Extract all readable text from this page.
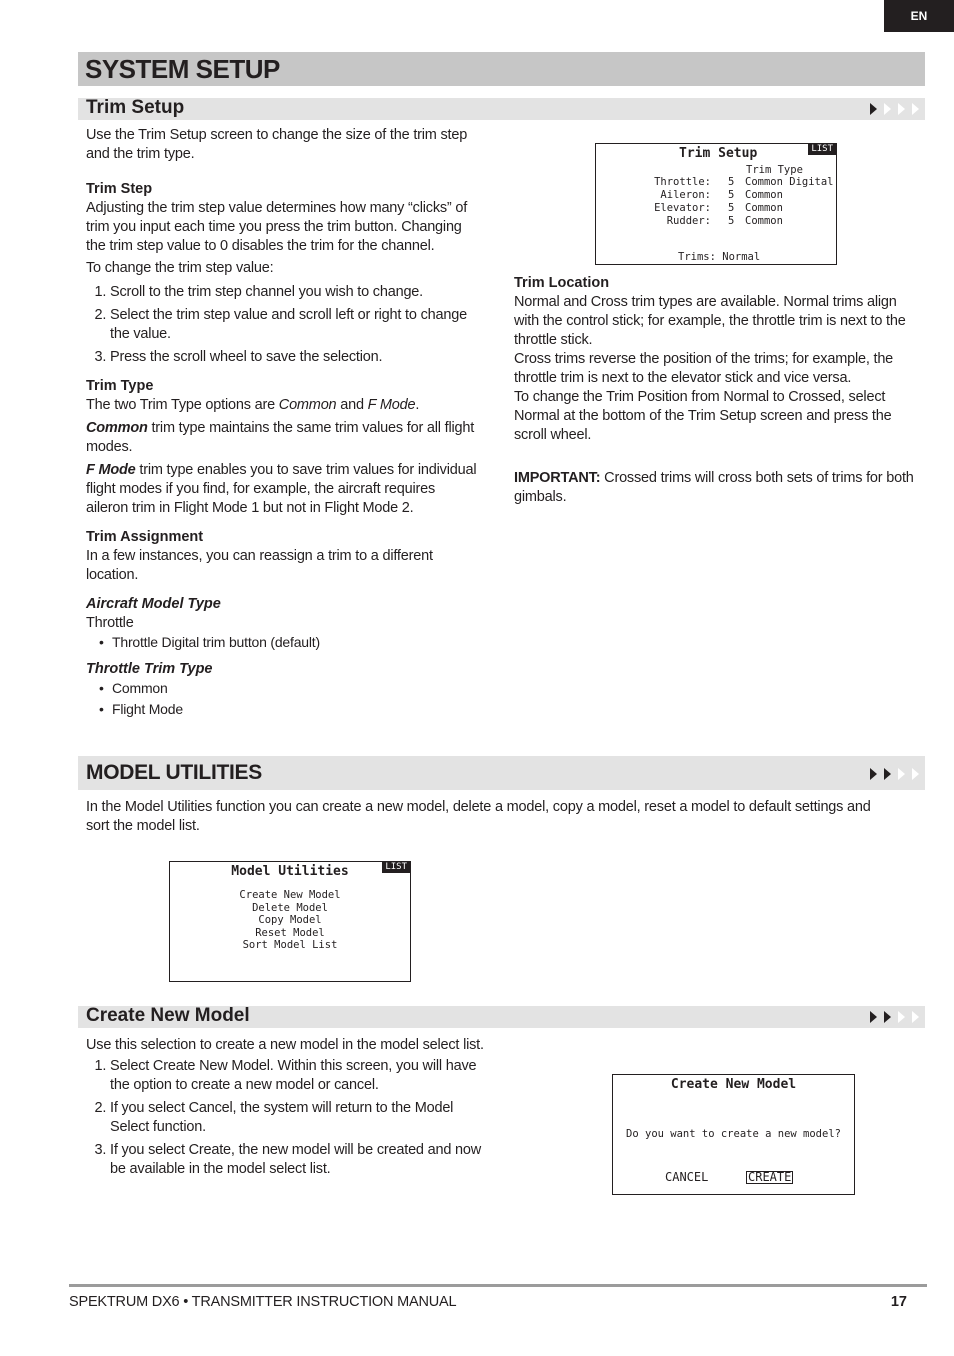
EN
SYSTEM SETUP
Trim Setup
Use the Trim Setup screen to change the size of the trim step and the trim type.
Trim Step
Adjusting the trim step value determines how many “clicks” of trim you input each time you press the trim button. Changing the trim step value to 0 disables the trim for the channel.
To change the trim step value:
1. Scroll to the trim step channel you wish to change.
2. Select the trim step value and scroll left or right to change the value.
3. Press the scroll wheel to save the selection.
Trim Type
The two Trim Type options are Common and F Mode.
Common trim type maintains the same trim values for all flight modes.
F Mode trim type enables you to save trim values for individual flight modes if you find, for example, the aircraft requires aileron trim in Flight Mode 1 but not in Flight Mode 2.
Trim Assignment
In a few instances, you can reassign a trim to a different location.
Aircraft Model Type
Throttle
• Throttle Digital trim button (default)
Throttle Trim Type
• Common
• Flight Mode
Trim Setup	LIST
Trim Type
Throttle: 5 Common Digital
Aileron: 5 Common
Elevator: 5 Common
Rudder: 5 Common
Trims: Normal
Trim Location
Normal and Cross trim types are available. Normal trims align with the control stick; for example, the throttle trim is next to the throttle stick.
Cross trims reverse the position of the trims; for example, the throttle trim is next to the elevator stick and vice versa.
To change the Trim Position from Normal to Crossed, select Normal at the bottom of the Trim Setup screen and press the scroll wheel.
IMPORTANT: Crossed trims will cross both sets of trims for both gimbals.
MODEL UTILITIES
In the Model Utilities function you can create a new model, delete a model, copy a model, reset a model to default settings and sort the model list.
Model Utilities	LIST
Create New Model
Delete Model
Copy Model
Reset Model
Sort Model List
Create New Model
Use this selection to create a new model in the model select list.
1. Select Create New Model. Within this screen, you will have the option to create a new model or cancel.
2. If you select Cancel, the system will return to the Model Select function.
3. If you select Create, the new model will be created and now be available in the model select list.
Create New Model
Do you want to create a new model?
CANCEL	CREATE
SPEKTRUM DX6 • TRANSMITTER INSTRUCTION MANUAL	17
